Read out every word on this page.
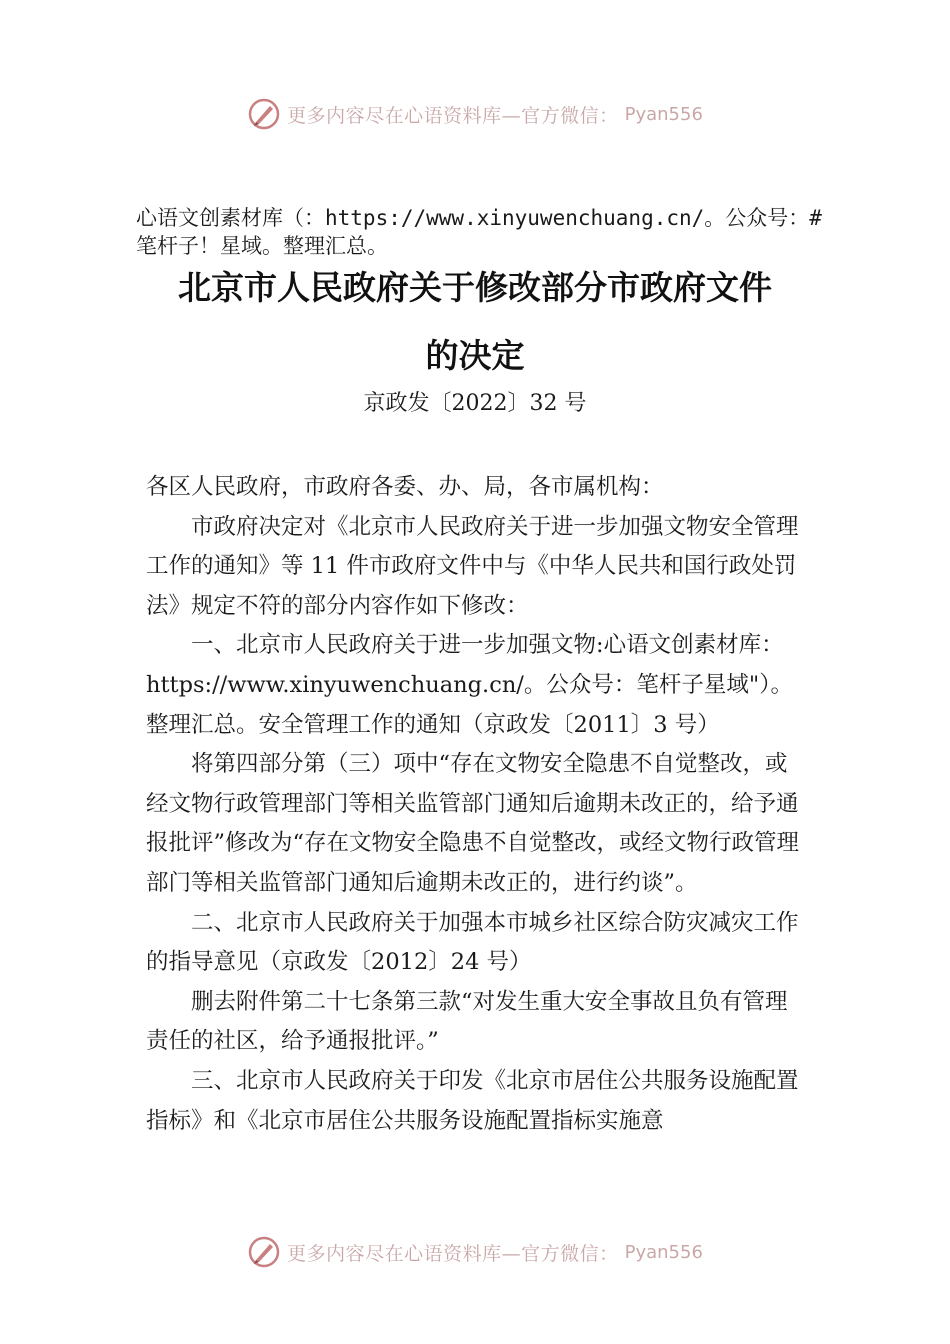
更多内容尽在心语资料库—官方微信： Pyan556
心语文创素材库（：https://www.xinyuwenchuang.cn/。公众号：#笔杆子！星域。整理汇总。
北京市人民政府关于修改部分市政府文件
的决定
京政发〔2022〕32 号

各区人民政府，市政府各委、办、局，各市属机构：

市政府决定对《北京市人民政府关于进一步加强文物安全管理工作的通知》等 11 件市政府文件中与《中华人民共和国行政处罚法》规定不符的部分内容作如下修改：

一、北京市人民政府关于进一步加强文物:心语文创素材库：https://www.xinyuwenchuang.cn/。公众号：笔杆子星域"）。整理汇总。安全管理工作的通知（京政发〔2011〕3 号）

将第四部分第（三）项中“存在文物安全隐患不自觉整改，或经文物行政管理部门等相关监管部门通知后逾期未改正的，给予通报批评”修改为“存在文物安全隐患不自觉整改，或经文物行政管理部门等相关监管部门通知后逾期未改正的，进行约谈”。

二、北京市人民政府关于加强本市城乡社区综合防灾减灾工作的指导意见（京政发〔2012〕24 号）

删去附件第二十七条第三款“对发生重大安全事故且负有管理责任的社区，给予通报批评。”

三、北京市人民政府关于印发《北京市居住公共服务设施配置指标》和《北京市居住公共服务设施配置指标实施意

更多内容尽在心语资料库—官方微信： Pyan556
